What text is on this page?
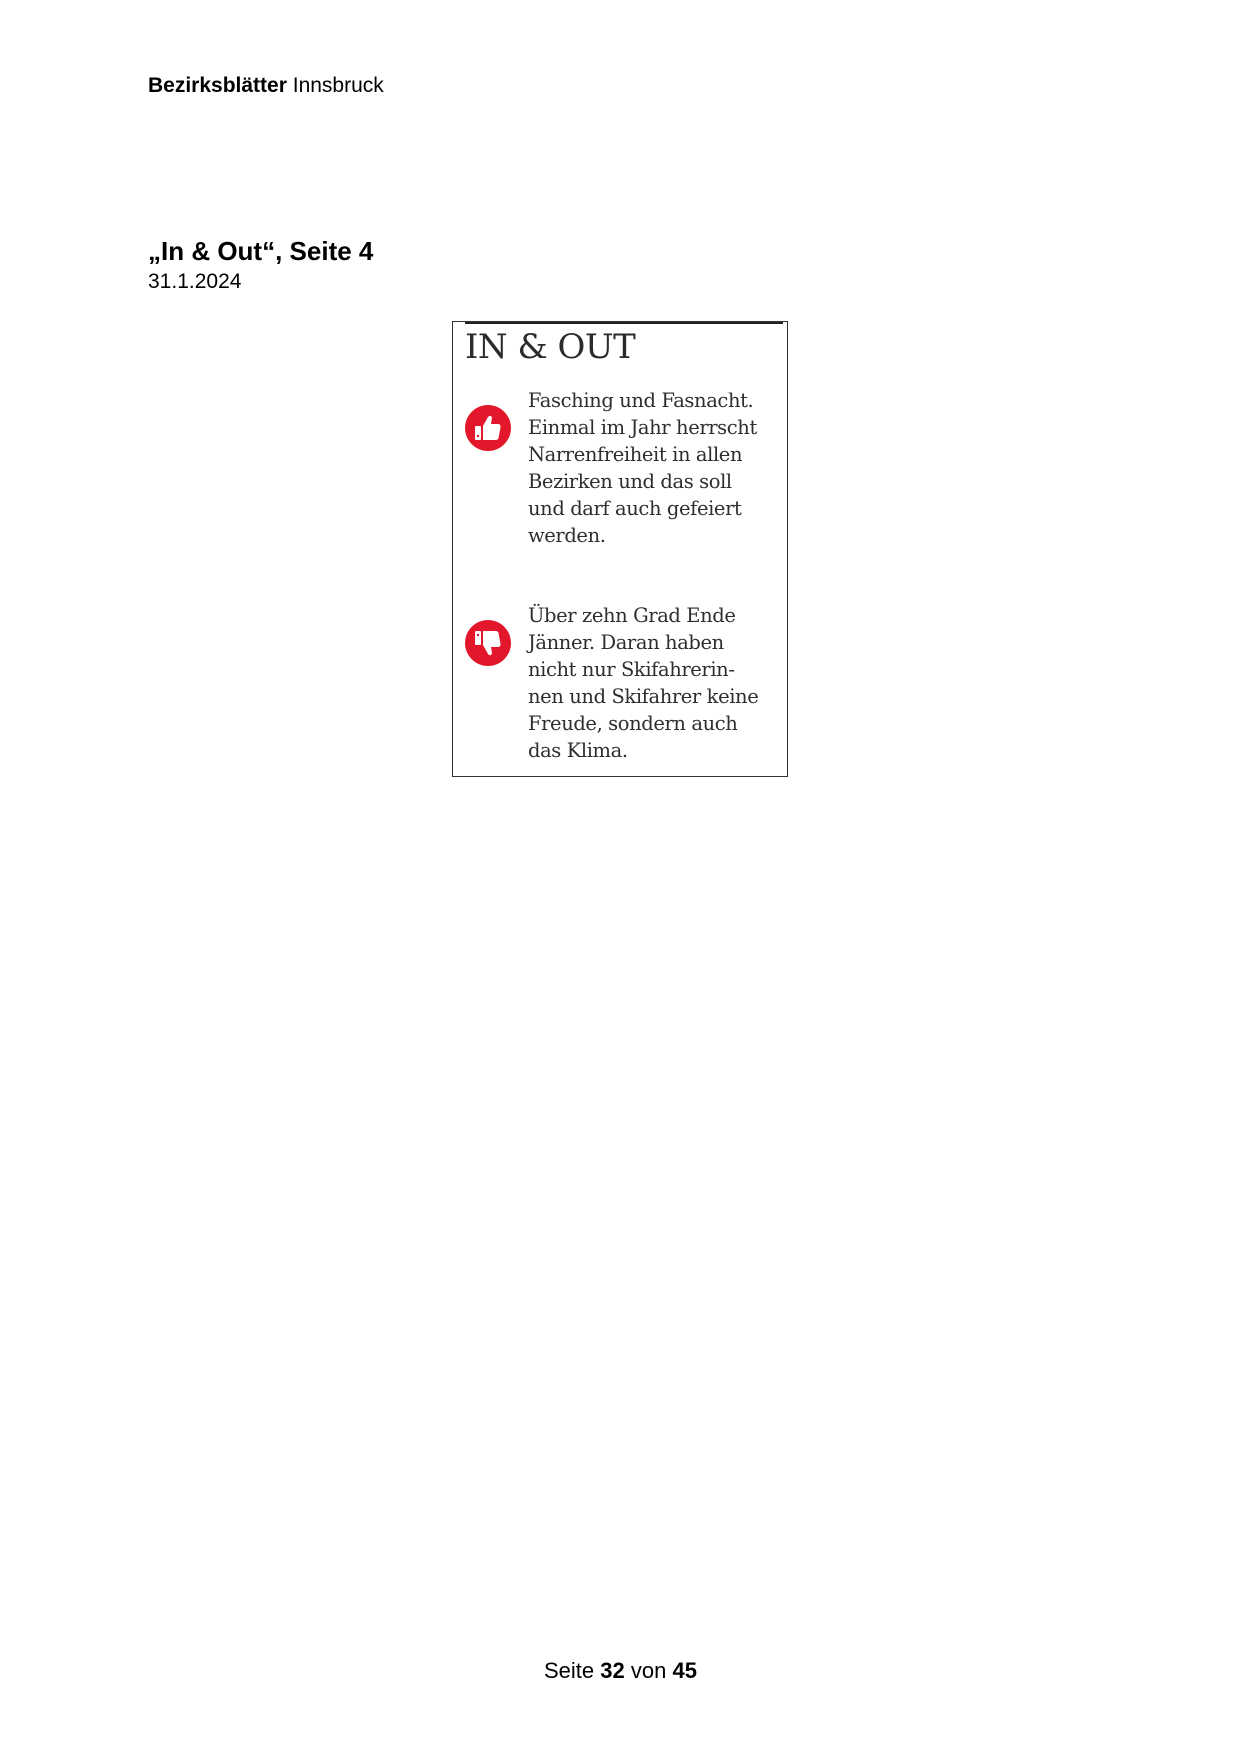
Bezirksblätter Innsbruck
„In & Out“, Seite 4
31.1.2024
IN & OUT

Fasching und Fasnacht.
Einmal im Jahr herrscht
Narrenfreiheit in allen
Bezirken und das soll
und darf auch gefeiert
werden.

Über zehn Grad Ende
Jänner. Daran haben
nicht nur Skifahrerin-
nen und Skifahrer keine
Freude, sondern auch
das Klima.

Seite 32 von 45
